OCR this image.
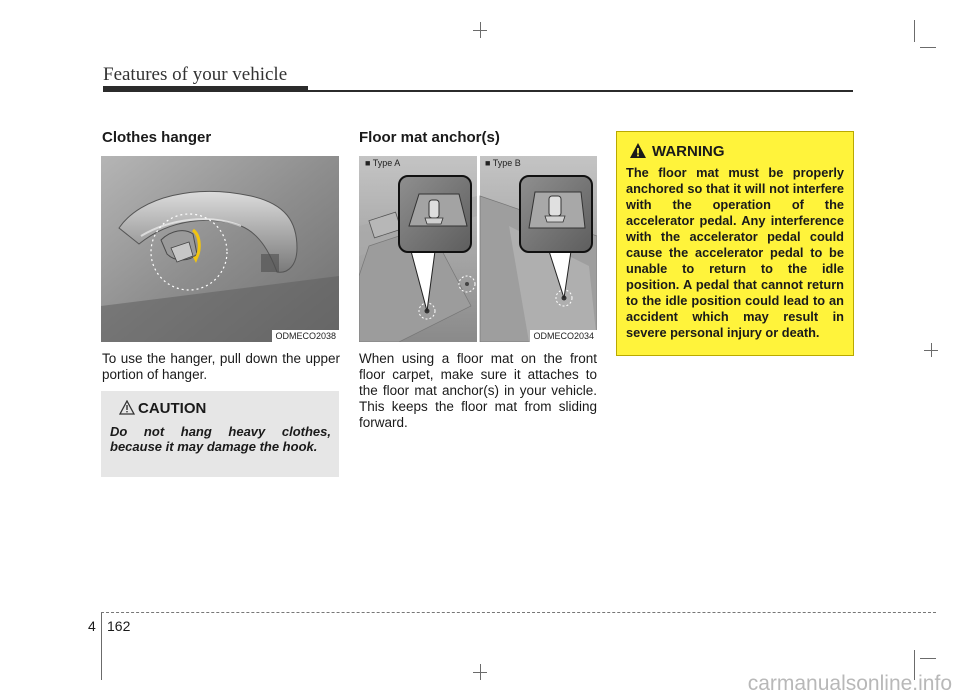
Features of your vehicle
Clothes hanger
ODMECO2038

To use the hanger, pull down the upper portion of hanger.

CAUTION

Do not hang heavy clothes, because it may damage the hook.

Floor mat anchor(s)
■ Type A	■ Type B
ODMECO2034

When using a floor mat on the front floor carpet, make sure it attaches to the floor mat anchor(s) in your vehicle. This keeps the floor mat from sliding forward.

WARNING

The floor mat must be properly anchored so that it will not interfere with the operation of the accelerator pedal. Any interference with the accelerator pedal could cause the accelerator pedal to be unable to return to the idle position. A pedal that cannot return to the idle position could lead to an accident which may result in severe personal injury or death.

4 162
carmanualsonline.info
